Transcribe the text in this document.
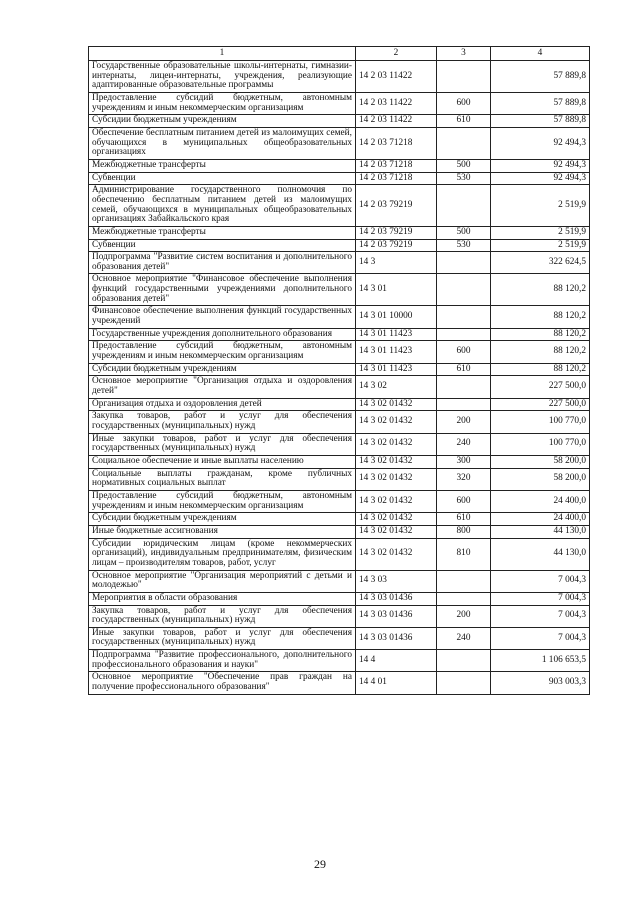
1	2	3	4
Государственные образовательные школы-интернаты, гимназии-интернаты, лицеи-интернаты, учреждения, реализующие адаптированные образовательные программы	14 2 03 11422		57 889,8
Предоставление субсидий бюджетным, автономным учреждениям и иным некоммерческим организациям	14 2 03 11422	600	57 889,8
Субсидии бюджетным учреждениям	14 2 03 11422	610	57 889,8
Обеспечение бесплатным питанием детей из малоимущих семей, обучающихся в муниципальных общеобразовательных организациях	14 2 03 71218		92 494,3
Межбюджетные трансферты	14 2 03 71218	500	92 494,3
Субвенции	14 2 03 71218	530	92 494,3
Администрирование государственного полномочия по обеспечению бесплатным питанием детей из малоимущих семей, обучающихся в муниципальных общеобразовательных организациях Забайкальского края	14 2 03 79219		2 519,9
Межбюджетные трансферты	14 2 03 79219	500	2 519,9
Субвенции	14 2 03 79219	530	2 519,9
Подпрограмма "Развитие систем воспитания и дополнительного образования детей"	14 3		322 624,5
Основное мероприятие "Финансовое обеспечение выполнения функций государственными учреждениями дополнительного образования детей"	14 3 01		88 120,2
Финансовое обеспечение выполнения функций государственных учреждений	14 3 01 10000		88 120,2
Государственные учреждения дополнительного образования	14 3 01 11423		88 120,2
Предоставление субсидий бюджетным, автономным учреждениям и иным некоммерческим организациям	14 3 01 11423	600	88 120,2
Субсидии бюджетным учреждениям	14 3 01 11423	610	88 120,2
Основное мероприятие "Организация отдыха и оздоровления детей"	14 3 02		227 500,0
Организация отдыха и оздоровления детей	14 3 02 01432		227 500,0
Закупка товаров, работ и услуг для обеспечения государственных (муниципальных) нужд	14 3 02 01432	200	100 770,0
Иные закупки товаров, работ и услуг для обеспечения государственных (муниципальных) нужд	14 3 02 01432	240	100 770,0
Социальное обеспечение и иные выплаты населению	14 3 02 01432	300	58 200,0
Социальные выплаты гражданам, кроме публичных нормативных социальных выплат	14 3 02 01432	320	58 200,0
Предоставление субсидий бюджетным, автономным учреждениям и иным некоммерческим организациям	14 3 02 01432	600	24 400,0
Субсидии бюджетным учреждениям	14 3 02 01432	610	24 400,0
Иные бюджетные ассигнования	14 3 02 01432	800	44 130,0
Субсидии юридическим лицам (кроме некоммерческих организаций), индивидуальным предпринимателям, физическим лицам – производителям товаров, работ, услуг	14 3 02 01432	810	44 130,0
Основное мероприятие "Организация мероприятий с детьми и молодежью"	14 3 03		7 004,3
Мероприятия в области образования	14 3 03 01436		7 004,3
Закупка товаров, работ и услуг для обеспечения государственных (муниципальных) нужд	14 3 03 01436	200	7 004,3
Иные закупки товаров, работ и услуг для обеспечения государственных (муниципальных) нужд	14 3 03 01436	240	7 004,3
Подпрограмма "Развитие профессионального, дополнительного профессионального образования и науки"	14 4		1 106 653,5
Основное мероприятие "Обеспечение прав граждан на получение профессионального образования"	14 4 01		903 003,3
29
